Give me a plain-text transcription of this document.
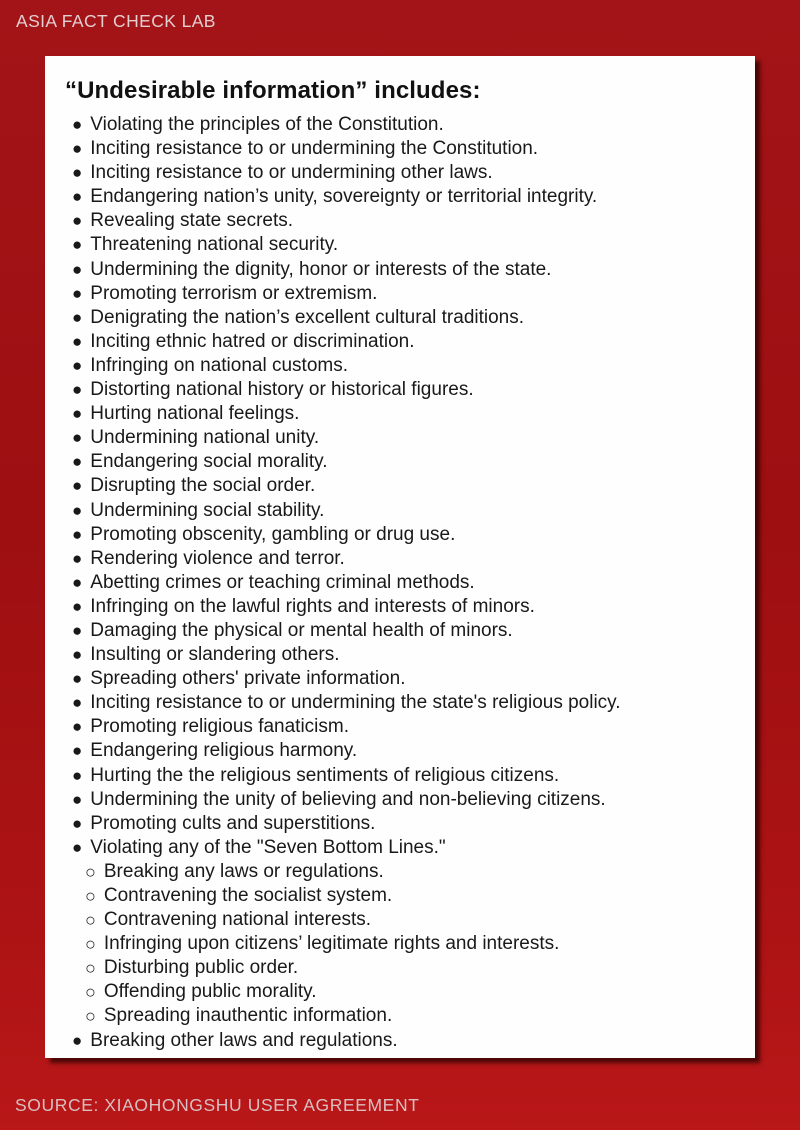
ASIA FACT CHECK LAB
“Undesirable information” includes:
● Violating the principles of the Constitution.
● Inciting resistance to or undermining the Constitution.
● Inciting resistance to or undermining other laws.
● Endangering nation’s unity, sovereignty or territorial integrity.
● Revealing state secrets.
● Threatening national security.
● Undermining the dignity, honor or interests of the state.
● Promoting terrorism or extremism.
● Denigrating the nation’s excellent cultural traditions.
● Inciting ethnic hatred or discrimination.
● Infringing on national customs.
● Distorting national history or historical figures.
● Hurting national feelings.
● Undermining national unity.
● Endangering social morality.
● Disrupting the social order.
● Undermining social stability.
● Promoting obscenity, gambling or drug use.
● Rendering violence and terror.
● Abetting crimes or teaching criminal methods.
● Infringing on the lawful rights and interests of minors.
● Damaging the physical or mental health of minors.
● Insulting or slandering others.
● Spreading others' private information.
● Inciting resistance to or undermining the state's religious policy.
● Promoting religious fanaticism.
● Endangering religious harmony.
● Hurting the the religious sentiments of religious citizens.
● Undermining the unity of believing and non-believing citizens.
● Promoting cults and superstitions.
● Violating any of the "Seven Bottom Lines."
○ Breaking any laws or regulations.
○ Contravening the socialist system.
○ Contravening national interests.
○ Infringing upon citizens’ legitimate rights and interests.
○ Disturbing public order.
○ Offending public morality.
○ Spreading inauthentic information.
● Breaking other laws and regulations.
SOURCE: XIAOHONGSHU USER AGREEMENT
